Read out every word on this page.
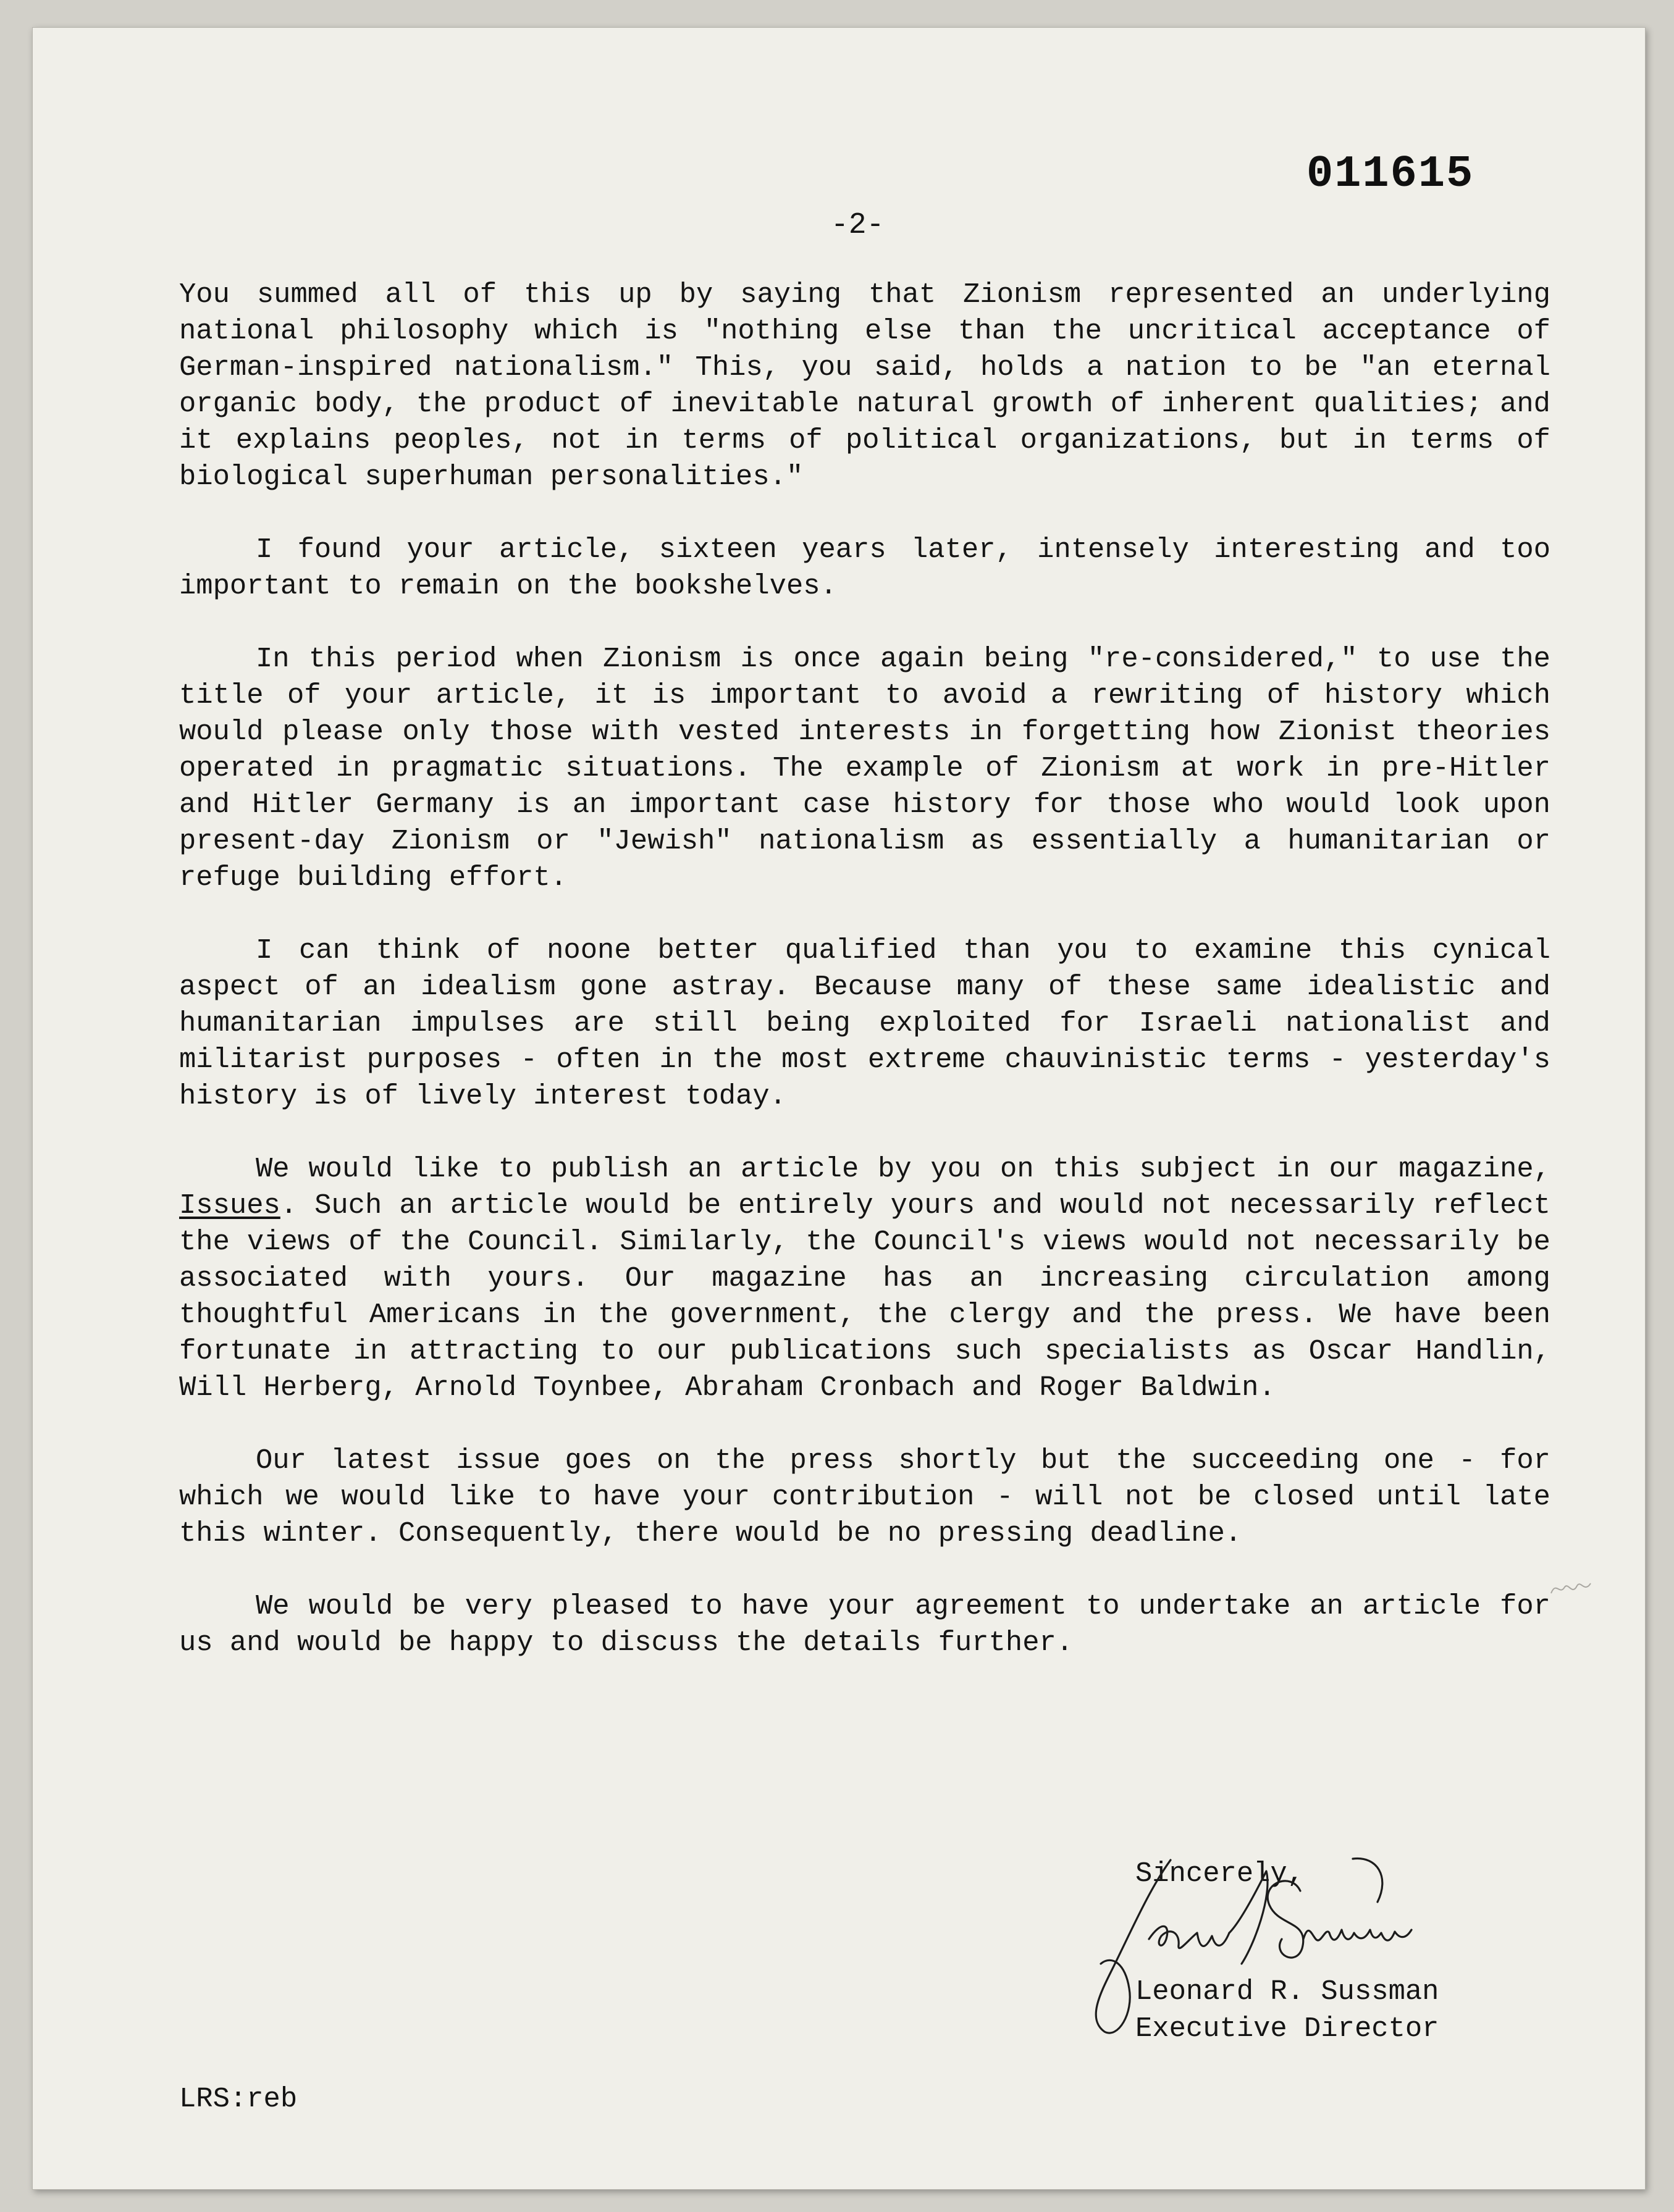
011615
-2-

You summed all of this up by saying that Zionism represented an underlying national philosophy which is "nothing else than the uncritical acceptance of German-inspired nationalism." This, you said, holds a nation to be "an eternal organic body, the product of inevitable natural growth of inherent qualities; and it explains peoples, not in terms of political organizations, but in terms of biological superhuman personalities."

I found your article, sixteen years later, intensely interesting and too important to remain on the bookshelves.

In this period when Zionism is once again being "re-considered," to use the title of your article, it is important to avoid a rewriting of history which would please only those with vested interests in forgetting how Zionist theories operated in pragmatic situations. The example of Zionism at work in pre-Hitler and Hitler Germany is an important case history for those who would look upon present-day Zionism or "Jewish" nationalism as essentially a humanitarian or refuge building effort.

I can think of noone better qualified than you to examine this cynical aspect of an idealism gone astray. Because many of these same idealistic and humanitarian impulses are still being exploited for Israeli nationalist and militarist purposes - often in the most extreme chauvinistic terms - yesterday's history is of lively interest today.

We would like to publish an article by you on this subject in our magazine, Issues. Such an article would be entirely yours and would not necessarily reflect the views of the Council. Similarly, the Council's views would not necessarily be associated with yours. Our magazine has an increasing circulation among thoughtful Americans in the government, the clergy and the press. We have been fortunate in attracting to our publications such specialists as Oscar Handlin, Will Herberg, Arnold Toynbee, Abraham Cronbach and Roger Baldwin.

Our latest issue goes on the press shortly but the succeeding one - for which we would like to have your contribution - will not be closed until late this winter. Consequently, there would be no pressing deadline.

We would be very pleased to have your agreement to undertake an article for us and would be happy to discuss the details further.

Sincerely,
Leonard R. Sussman
Executive Director
LRS:reb
